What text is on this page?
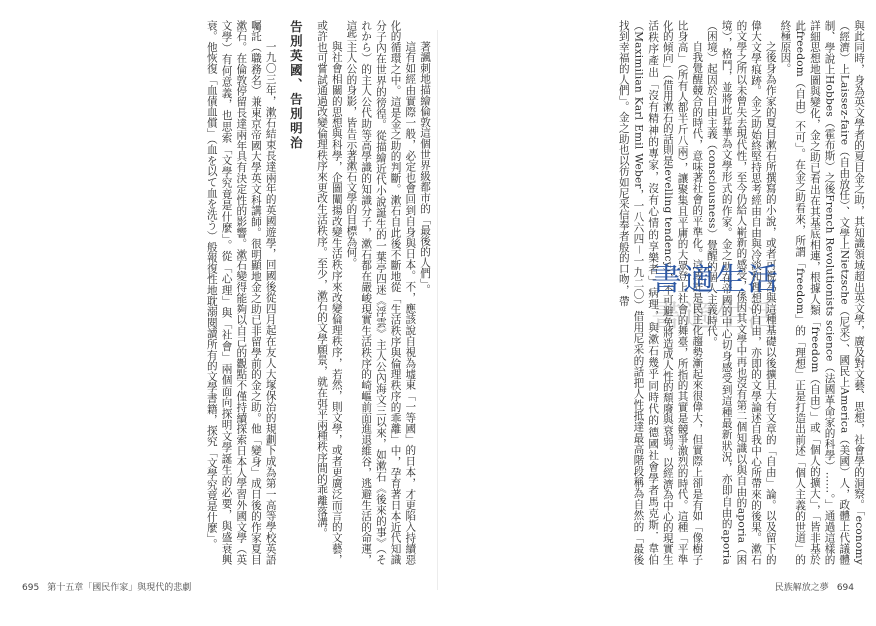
著諷刺地描繪倫敦這個世界級都市的「最後的人們」。

這有如經由實際一般，必定也會回到自身與日本。不，應該說自視為墟東「一等國」的日本，才更陷入持續惡化的循環之中。這是金之助的判斷。漱石自此後不斷地從「生活秩序與倫理秩序的乖離」中，孕育著日本近代知識分子內在世界的徬徨。從描繪近代小說誕生的一葉亭四迷《浮雲》主人公內海文三以來，如漱石《後來的事》（それから）的主人公代助等高學識的知識分子，漱石都在嚴峻現實生活秩序的崎嶇前面進退維谷，逃避生活的命運，這些主人公的身影，皆告示著漱石文學的目標為何。

與社會相關的思想與科學，企圖闡揚改變生活秩序來改變倫理秩序，若然，則文學，或者更廣泛而言的文藝，或許也可嘗試通過改變倫理秩序來更改生活秩序。至少，漱石的文學願景，就在弭平兩種秩序間的乖離落溝。

告別英國、告別明治

一九〇三年，漱石結束長達兩年的英國遊學，回國後從四月起在友人大塚保治的規劃下成為第一高等學校英語囑託（職務名）兼東京帝國大學英文科講師。很明顯地金之助已非留學前的金之助。他「變身」成日後的作家夏目漱石。在倫敦停留長達兩年具有決定性的影響。漱石變得能夠以自己的觀點不僅持續探索日本人學習外國文學（英文學）有何意義，也思索「文學究竟是什麼」。從「心理」與「社會」兩個面向探明文學誕生的必要，與盛衰興衰。他恢復「血債血償」（血を以て血を洗う）般報復性地耽溺閱讀所有的文學書籍，探究「文學究竟是什麼」。

695 第十五章「國民作家」與現代的悲劇

與此同時，身為英文學者的夏目金之助，其知識領域超出英文學，廣及對文藝、思想，社會學的洞察。「economy（經濟）上Laissez-faire（自由放任）、文學上Nietzsche（尼采）、國民上America（美國）人，政體上代議體制、學說上Hobbes（霍布斯）之後French Revolutionists science（法國革命家的科學）……。」通過這樣的詳細思想地圖與變化，金之助已看出在其基底相連，根據人類「freedom（自由）」或「個人的擴大」，「皆非基於此freedom（自由）不可」。在金之助看來，所謂「freedom」的「理想」正是打造出前述「個人主義的世道」的終極原因。

之後身為作家的夏目漱石所撰寫的小說，或者可視為與這種基礎以後擴且大有文章的「自由」論。以及留下的偉大文學痕跡。金之助始終堅持思考經由自由與冷淡和理想的自由，亦即的文學論述自我中心所帶來的後果。漱石的文學之所以未曾失去現代性，至今仍給人嶄新的感受，係因其文學中再也沒有第二個知識以與自由的aporia（困境），格鬥，並將此昇華為文學形式的作家。金之助在帝國的中心切身感受到這種最新狀況，亦即自由的aporia（困境）起因於自由主義（consciousness）覺醒的個人主義時代。

自我覺醒競合的時代，意味著社會的平準化。這或許是民主化趨勢漸起來很偉大，但實際上卻是有如「像樹子比身高」（所有人都半斤八兩），讓聚集且平庸的大眾登上社會的舞臺，所指的其實是競爭激烈的時代。這種「平準化的傾向」（借用漱石的話則是levelling tendency），不可避免將造成人性的頹廢與衰弱。以經濟為中心的現實生活秩序產出「沒有精神的專家，沒有心情的享樂者」病理，與漱石幾乎同時代的德國社會學者馬克斯．韋伯（Maximilian Karl Emil Weber，一八六四－一九二〇）借用尼采的話把人性抵達最高階段稱為自然的「最後找到幸福的人們」。金之助也以彷如尼采信奉者般的口吻，帶

民族解放之夢 694
書適生活
書適生活
